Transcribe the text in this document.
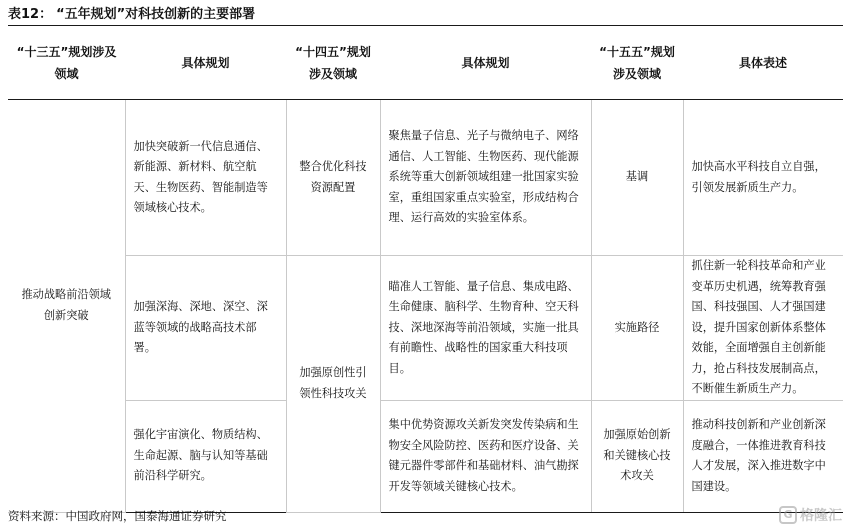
表12： “五年规划”对科技创新的主要部署
“十三五”规划涉及领域	具体规划	“十四五”规划涉及领域	具体规划	“十五五”规划涉及领域	具体表述
推动战略前沿领域创新突破	加快突破新一代信息通信、新能源、新材料、航空航天、生物医药、智能制造等领域核心技术。	整合优化科技资源配置	聚焦量子信息、光子与微纳电子、网络通信、人工智能、生物医药、现代能源系统等重大创新领域组建一批国家实验室，重组国家重点实验室，形成结构合理、运行高效的实验室体系。	基调	加快高水平科技自立自强，引领发展新质生产力。
	加强深海、深地、深空、深蓝等领域的战略高技术部署。	加强原创性引领性科技攻关	瞄准人工智能、量子信息、集成电路、生命健康、脑科学、生物育种、空天科技、深地深海等前沿领域，实施一批具有前瞻性、战略性的国家重大科技项目。	实施路径	抓住新一轮科技革命和产业变革历史机遇，统筹教育强国、科技强国、人才强国建设，提升国家创新体系整体效能，全面增强自主创新能力，抢占科技发展制高点，不断催生新质生产力。
	强化宇宙演化、物质结构、生命起源、脑与认知等基础前沿科学研究。		集中优势资源攻关新发突发传染病和生物安全风险防控、医药和医疗设备、关键元器件零部件和基础材料、油气勘探开发等领域关键核心技术。	加强原始创新和关键核心技术攻关	推动科技创新和产业创新深度融合，一体推进教育科技人才发展，深入推进数字中国建设。
资料来源：中国政府网，国泰海通证券研究	G 格隆汇
